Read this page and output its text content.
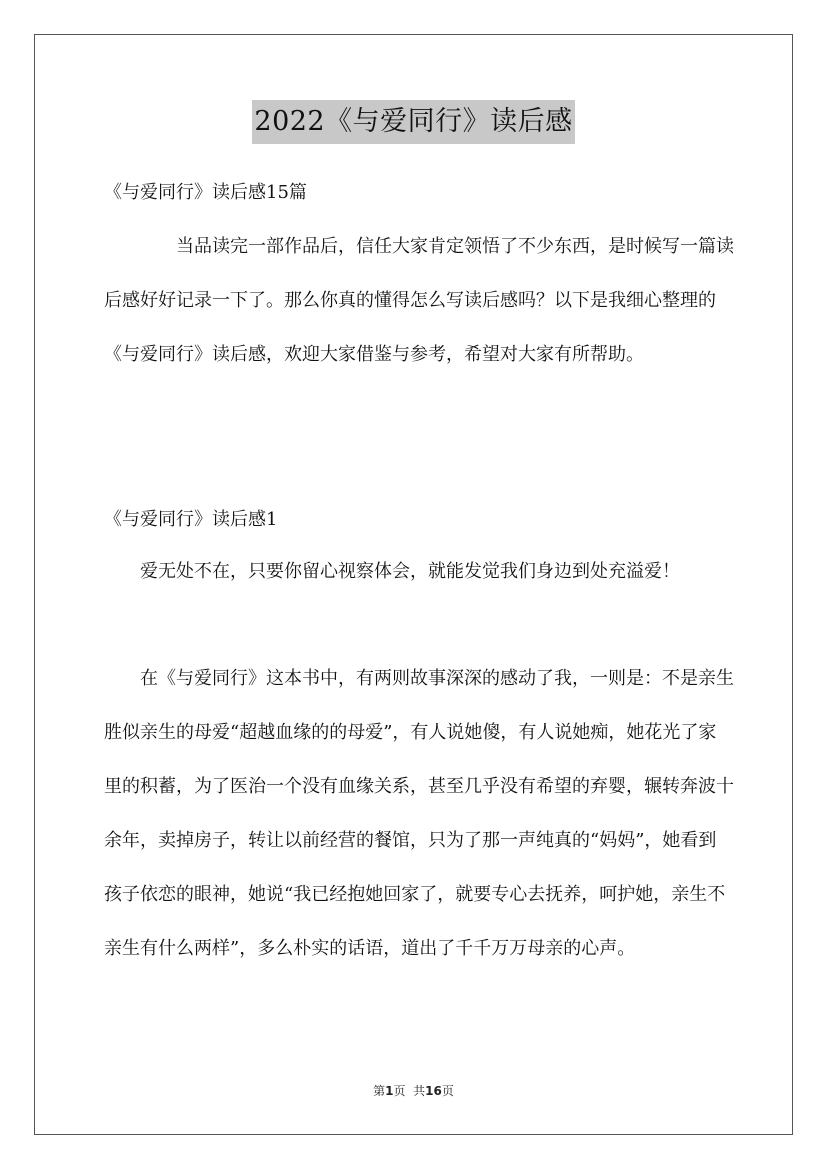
2022《与爱同行》读后感

《与爱同行》读后感15篇

　　　　当品读完一部作品后，信任大家肯定领悟了不少东西，是时候写一篇读后感好好记录一下了。那么你真的懂得怎么写读后感吗？以下是我细心整理的《与爱同行》读后感，欢迎大家借鉴与参考，希望对大家有所帮助。

《与爱同行》读后感1

　　爱无处不在，只要你留心视察体会，就能发觉我们身边到处充溢爱！

　　在《与爱同行》这本书中，有两则故事深深的感动了我，一则是：不是亲生胜似亲生的母爱“超越血缘的的母爱”，有人说她傻，有人说她痴，她花光了家里的积蓄，为了医治一个没有血缘关系，甚至几乎没有希望的弃婴，辗转奔波十余年，卖掉房子，转让以前经营的餐馆，只为了那一声纯真的“妈妈”，她看到孩子依恋的眼神，她说“我已经抱她回家了，就要专心去抚养，呵护她，亲生不亲生有什么两样”，多么朴实的话语，道出了千千万万母亲的心声。

第1页 共16页
